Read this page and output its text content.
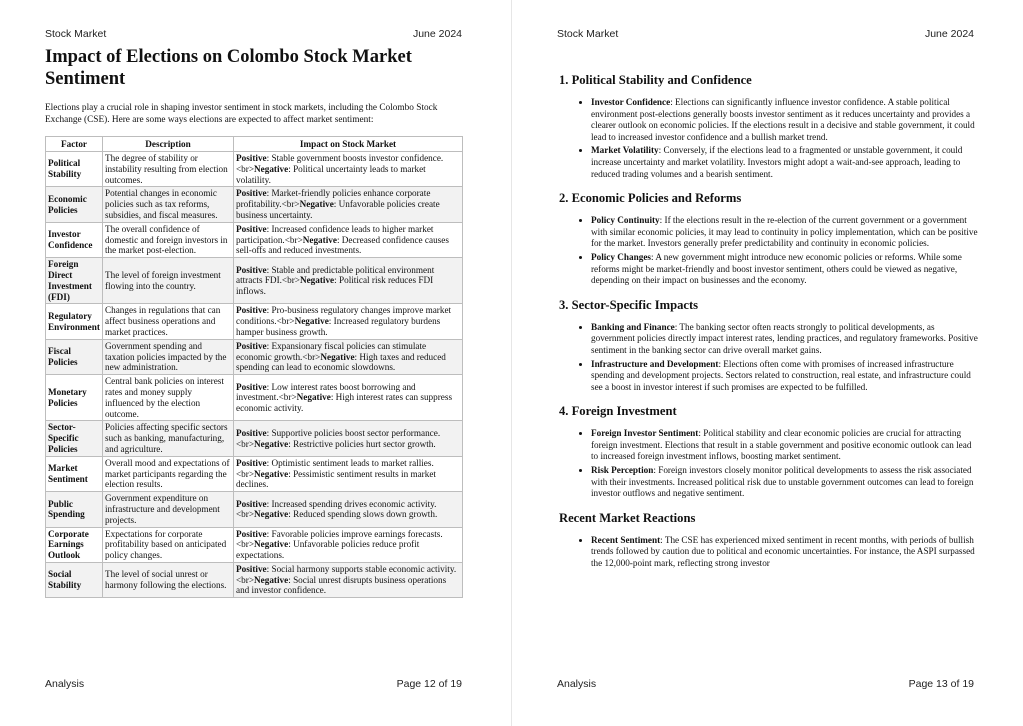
Stock Market	June 2024
Impact of Elections on Colombo Stock Market Sentiment

Elections play a crucial role in shaping investor sentiment in stock markets, including the Colombo Stock Exchange (CSE). Here are some ways elections are expected to affect market sentiment:

Factor	Description	Impact on Stock Market
Political Stability	The degree of stability or instability resulting from election outcomes.	Positive: Stable government boosts investor confidence.<br>Negative: Political uncertainty leads to market volatility.
Economic Policies	Potential changes in economic policies such as tax reforms, subsidies, and fiscal measures.	Positive: Market-friendly policies enhance corporate profitability.<br>Negative: Unfavorable policies create business uncertainty.
Investor Confidence	The overall confidence of domestic and foreign investors in the market post-election.	Positive: Increased confidence leads to higher market participation.<br>Negative: Decreased confidence causes sell-offs and reduced investments.
Foreign Direct Investment (FDI)	The level of foreign investment flowing into the country.	Positive: Stable and predictable political environment attracts FDI.<br>Negative: Political risk reduces FDI inflows.
Regulatory Environment	Changes in regulations that can affect business operations and market practices.	Positive: Pro-business regulatory changes improve market conditions.<br>Negative: Increased regulatory burdens hamper business growth.
Fiscal Policies	Government spending and taxation policies impacted by the new administration.	Positive: Expansionary fiscal policies can stimulate economic growth.<br>Negative: High taxes and reduced spending can lead to economic slowdowns.
Monetary Policies	Central bank policies on interest rates and money supply influenced by the election outcome.	Positive: Low interest rates boost borrowing and investment.<br>Negative: High interest rates can suppress economic activity.
Sector-Specific Policies	Policies affecting specific sectors such as banking, manufacturing, and agriculture.	Positive: Supportive policies boost sector performance.<br>Negative: Restrictive policies hurt sector growth.
Market Sentiment	Overall mood and expectations of market participants regarding the election results.	Positive: Optimistic sentiment leads to market rallies.<br>Negative: Pessimistic sentiment results in market declines.
Public Spending	Government expenditure on infrastructure and development projects.	Positive: Increased spending drives economic activity.<br>Negative: Reduced spending slows down growth.
Corporate Earnings Outlook	Expectations for corporate profitability based on anticipated policy changes.	Positive: Favorable policies improve earnings forecasts.<br>Negative: Unfavorable policies reduce profit expectations.
Social Stability	The level of social unrest or harmony following the elections.	Positive: Social harmony supports stable economic activity.<br>Negative: Social unrest disrupts business operations and investor confidence.
Analysis	Page 12 of 19
Stock Market	June 2024
1. Political Stability and Confidence
• Investor Confidence: Elections can significantly influence investor confidence. A stable political environment post-elections generally boosts investor sentiment as it reduces uncertainty and provides a clearer outlook on economic policies. If the elections result in a decisive and stable government, it could lead to increased investor confidence and a bullish market trend.
• Market Volatility: Conversely, if the elections lead to a fragmented or unstable government, it could increase uncertainty and market volatility. Investors might adopt a wait-and-see approach, leading to reduced trading volumes and a bearish sentiment.
2. Economic Policies and Reforms
• Policy Continuity: If the elections result in the re-election of the current government or a government with similar economic policies, it may lead to continuity in policy implementation, which can be positive for the market. Investors generally prefer predictability and continuity in economic policies.
• Policy Changes: A new government might introduce new economic policies or reforms. While some reforms might be market-friendly and boost investor sentiment, others could be viewed as negative, depending on their impact on businesses and the economy.
3. Sector-Specific Impacts
• Banking and Finance: The banking sector often reacts strongly to political developments, as government policies directly impact interest rates, lending practices, and regulatory frameworks. Positive sentiment in the banking sector can drive overall market gains.
• Infrastructure and Development: Elections often come with promises of increased infrastructure spending and development projects. Sectors related to construction, real estate, and infrastructure could see a boost in investor interest if such promises are expected to be fulfilled.
4. Foreign Investment
• Foreign Investor Sentiment: Political stability and clear economic policies are crucial for attracting foreign investment. Elections that result in a stable government and positive economic outlook can lead to increased foreign investment inflows, boosting market sentiment.
• Risk Perception: Foreign investors closely monitor political developments to assess the risk associated with their investments. Increased political risk due to unstable government outcomes can lead to foreign investor outflows and negative sentiment.
Recent Market Reactions
• Recent Sentiment: The CSE has experienced mixed sentiment in recent months, with periods of bullish trends followed by caution due to political and economic uncertainties. For instance, the ASPI surpassed the 12,000-point mark, reflecting strong investor
Analysis	Page 13 of 19
